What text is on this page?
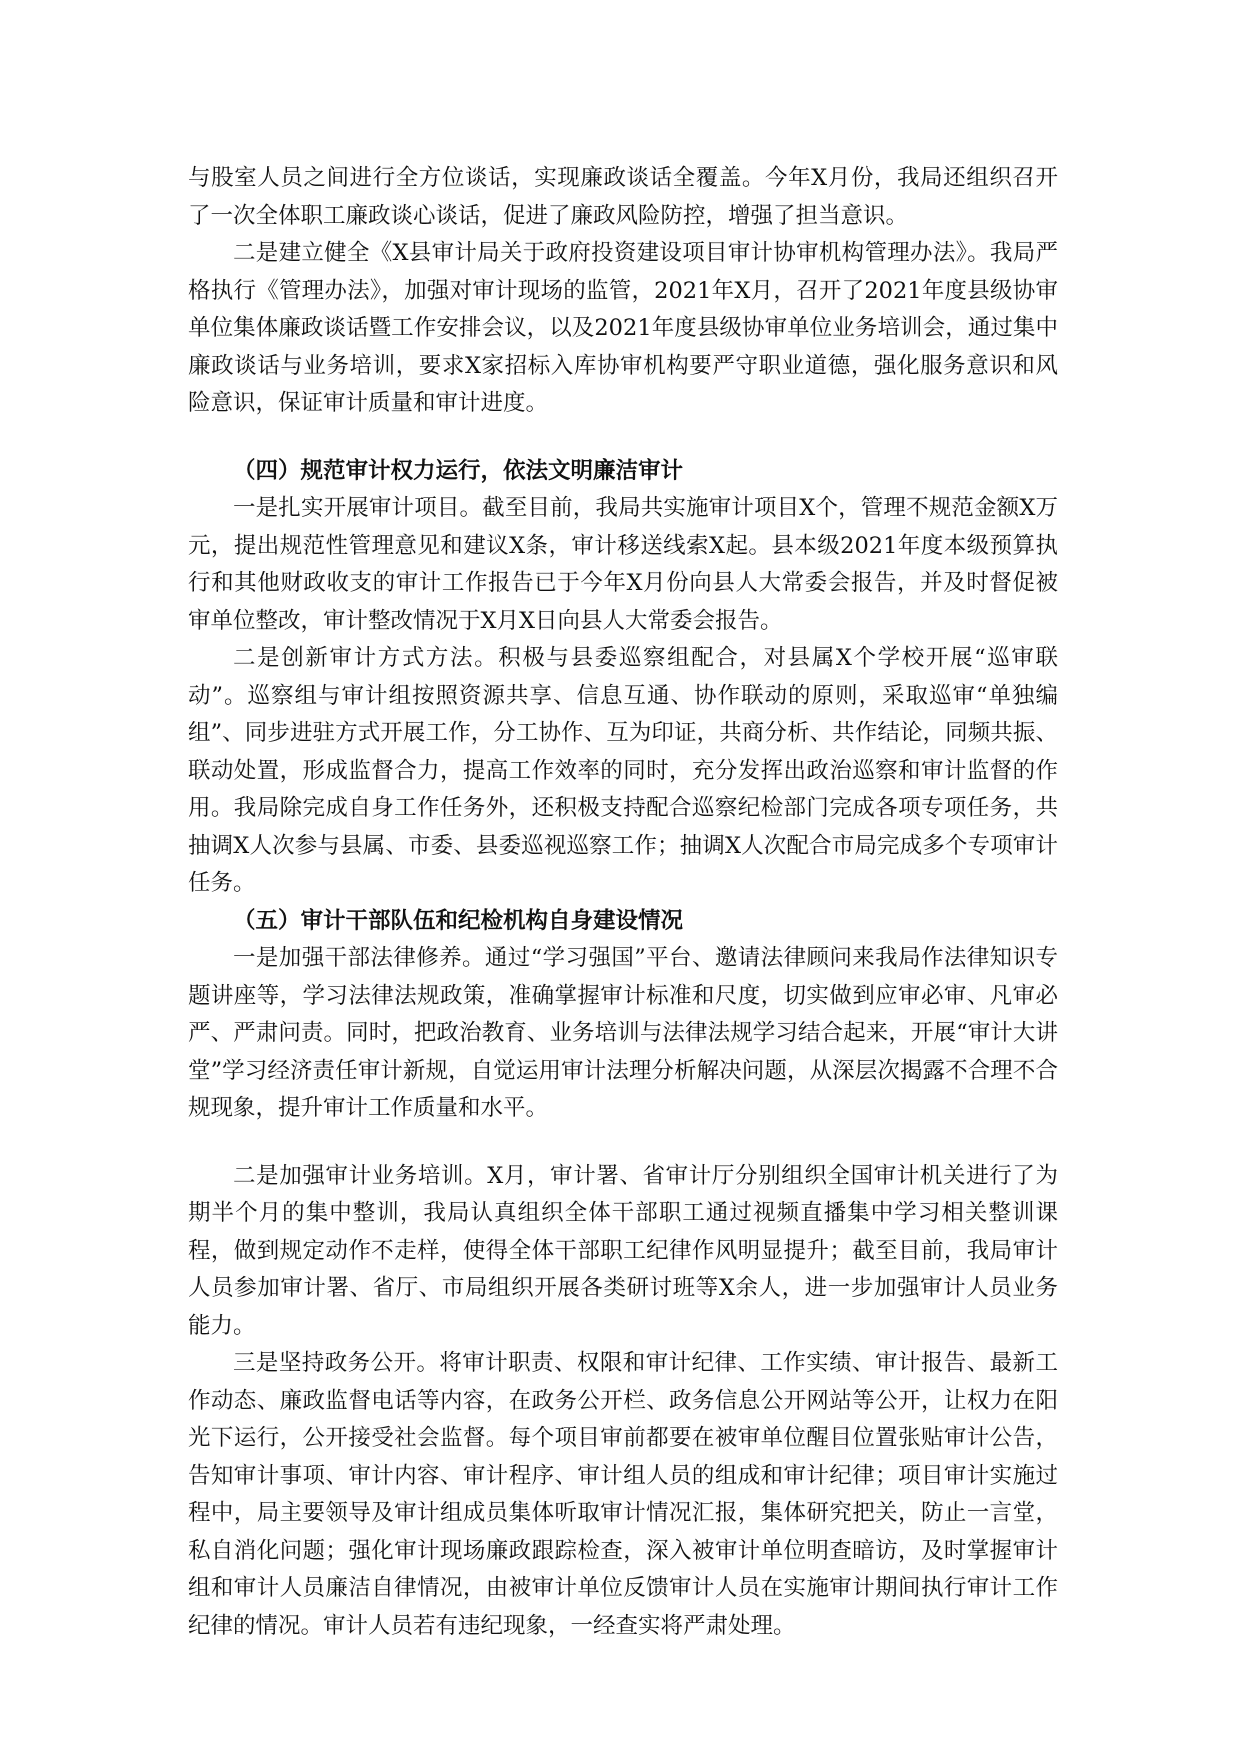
与股室人员之间进行全方位谈话，实现廉政谈话全覆盖。今年X月份，我局还组织召开了一次全体职工廉政谈心谈话，促进了廉政风险防控，增强了担当意识。

二是建立健全《X县审计局关于政府投资建设项目审计协审机构管理办法》。我局严格执行《管理办法》，加强对审计现场的监管，2021年X月，召开了2021年度县级协审单位集体廉政谈话暨工作安排会议，以及2021年度县级协审单位业务培训会，通过集中廉政谈话与业务培训，要求X家招标入库协审机构要严守职业道德，强化服务意识和风险意识，保证审计质量和审计进度。

（四）规范审计权力运行，依法文明廉洁审计

一是扎实开展审计项目。截至目前，我局共实施审计项目X个，管理不规范金额X万元，提出规范性管理意见和建议X条，审计移送线索X起。县本级2021年度本级预算执行和其他财政收支的审计工作报告已于今年X月份向县人大常委会报告，并及时督促被审单位整改，审计整改情况于X月X日向县人大常委会报告。

二是创新审计方式方法。积极与县委巡察组配合，对县属X个学校开展“巡审联动”。巡察组与审计组按照资源共享、信息互通、协作联动的原则，采取巡审“单独编组”、同步进驻方式开展工作，分工协作、互为印证，共商分析、共作结论，同频共振、联动处置，形成监督合力，提高工作效率的同时，充分发挥出政治巡察和审计监督的作用。我局除完成自身工作任务外，还积极支持配合巡察纪检部门完成各项专项任务，共抽调X人次参与县属、市委、县委巡视巡察工作；抽调X人次配合市局完成多个专项审计任务。

（五）审计干部队伍和纪检机构自身建设情况

一是加强干部法律修养。通过“学习强国”平台、邀请法律顾问来我局作法律知识专题讲座等，学习法律法规政策，准确掌握审计标准和尺度，切实做到应审必审、凡审必严、严肃问责。同时，把政治教育、业务培训与法律法规学习结合起来，开展“审计大讲堂”学习经济责任审计新规，自觉运用审计法理分析解决问题，从深层次揭露不合理不合规现象，提升审计工作质量和水平。

二是加强审计业务培训。X月，审计署、省审计厅分别组织全国审计机关进行了为期半个月的集中整训，我局认真组织全体干部职工通过视频直播集中学习相关整训课程，做到规定动作不走样，使得全体干部职工纪律作风明显提升；截至目前，我局审计人员参加审计署、省厅、市局组织开展各类研讨班等X余人，进一步加强审计人员业务能力。

三是坚持政务公开。将审计职责、权限和审计纪律、工作实绩、审计报告、最新工作动态、廉政监督电话等内容，在政务公开栏、政务信息公开网站等公开，让权力在阳光下运行，公开接受社会监督。每个项目审前都要在被审单位醒目位置张贴审计公告，告知审计事项、审计内容、审计程序、审计组人员的组成和审计纪律；项目审计实施过程中，局主要领导及审计组成员集体听取审计情况汇报，集体研究把关，防止一言堂，私自消化问题；强化审计现场廉政跟踪检查，深入被审计单位明查暗访，及时掌握审计组和审计人员廉洁自律情况，由被审计单位反馈审计人员在实施审计期间执行审计工作纪律的情况。审计人员若有违纪现象，一经查实将严肃处理。
